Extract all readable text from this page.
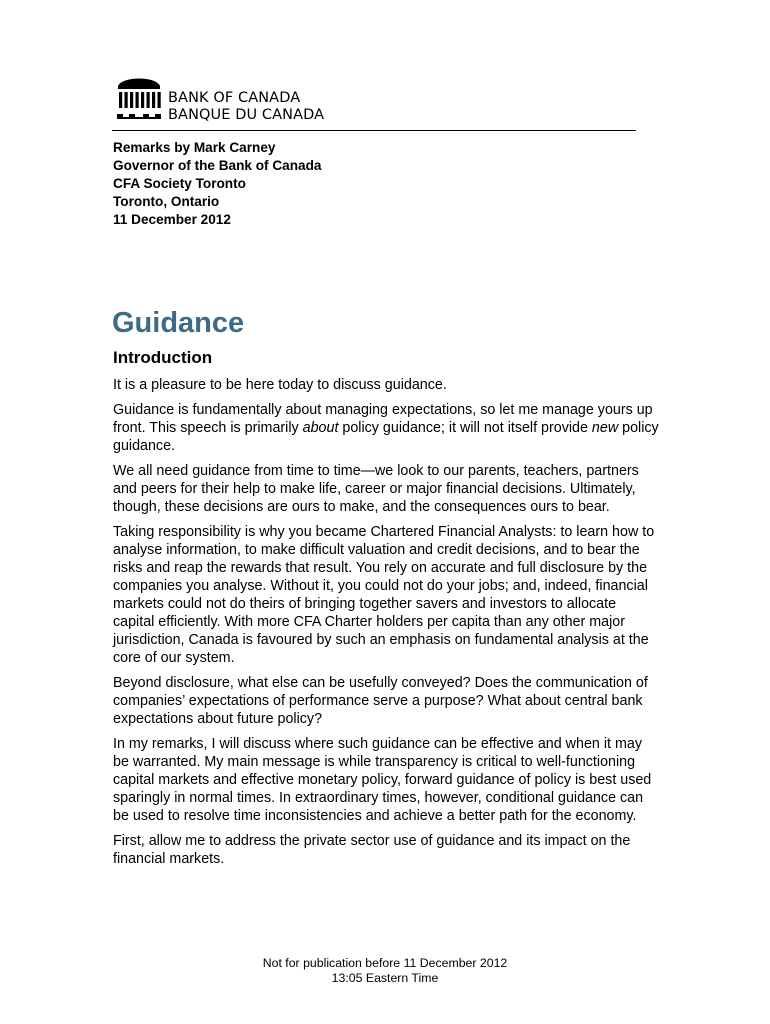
BANK OF CANADA
BANQUE DU CANADA
Remarks by Mark Carney
Governor of the Bank of Canada
CFA Society Toronto
Toronto, Ontario
11 December 2012
Guidance
Introduction

It is a pleasure to be here today to discuss guidance.

Guidance is fundamentally about managing expectations, so let me manage yours up front. This speech is primarily about policy guidance; it will not itself provide new policy guidance.

We all need guidance from time to time—we look to our parents, teachers, partners and peers for their help to make life, career or major financial decisions. Ultimately, though, these decisions are ours to make, and the consequences ours to bear.

Taking responsibility is why you became Chartered Financial Analysts: to learn how to analyse information, to make difficult valuation and credit decisions, and to bear the risks and reap the rewards that result. You rely on accurate and full disclosure by the companies you analyse. Without it, you could not do your jobs; and, indeed, financial markets could not do theirs of bringing together savers and investors to allocate capital efficiently. With more CFA Charter holders per capita than any other major jurisdiction, Canada is favoured by such an emphasis on fundamental analysis at the core of our system.

Beyond disclosure, what else can be usefully conveyed? Does the communication of companies’ expectations of performance serve a purpose? What about central bank expectations about future policy?

In my remarks, I will discuss where such guidance can be effective and when it may be warranted. My main message is while transparency is critical to well-functioning capital markets and effective monetary policy, forward guidance of policy is best used sparingly in normal times. In extraordinary times, however, conditional guidance can be used to resolve time inconsistencies and achieve a better path for the economy.

First, allow me to address the private sector use of guidance and its impact on the financial markets.

Not for publication before 11 December 2012
13:05 Eastern Time
